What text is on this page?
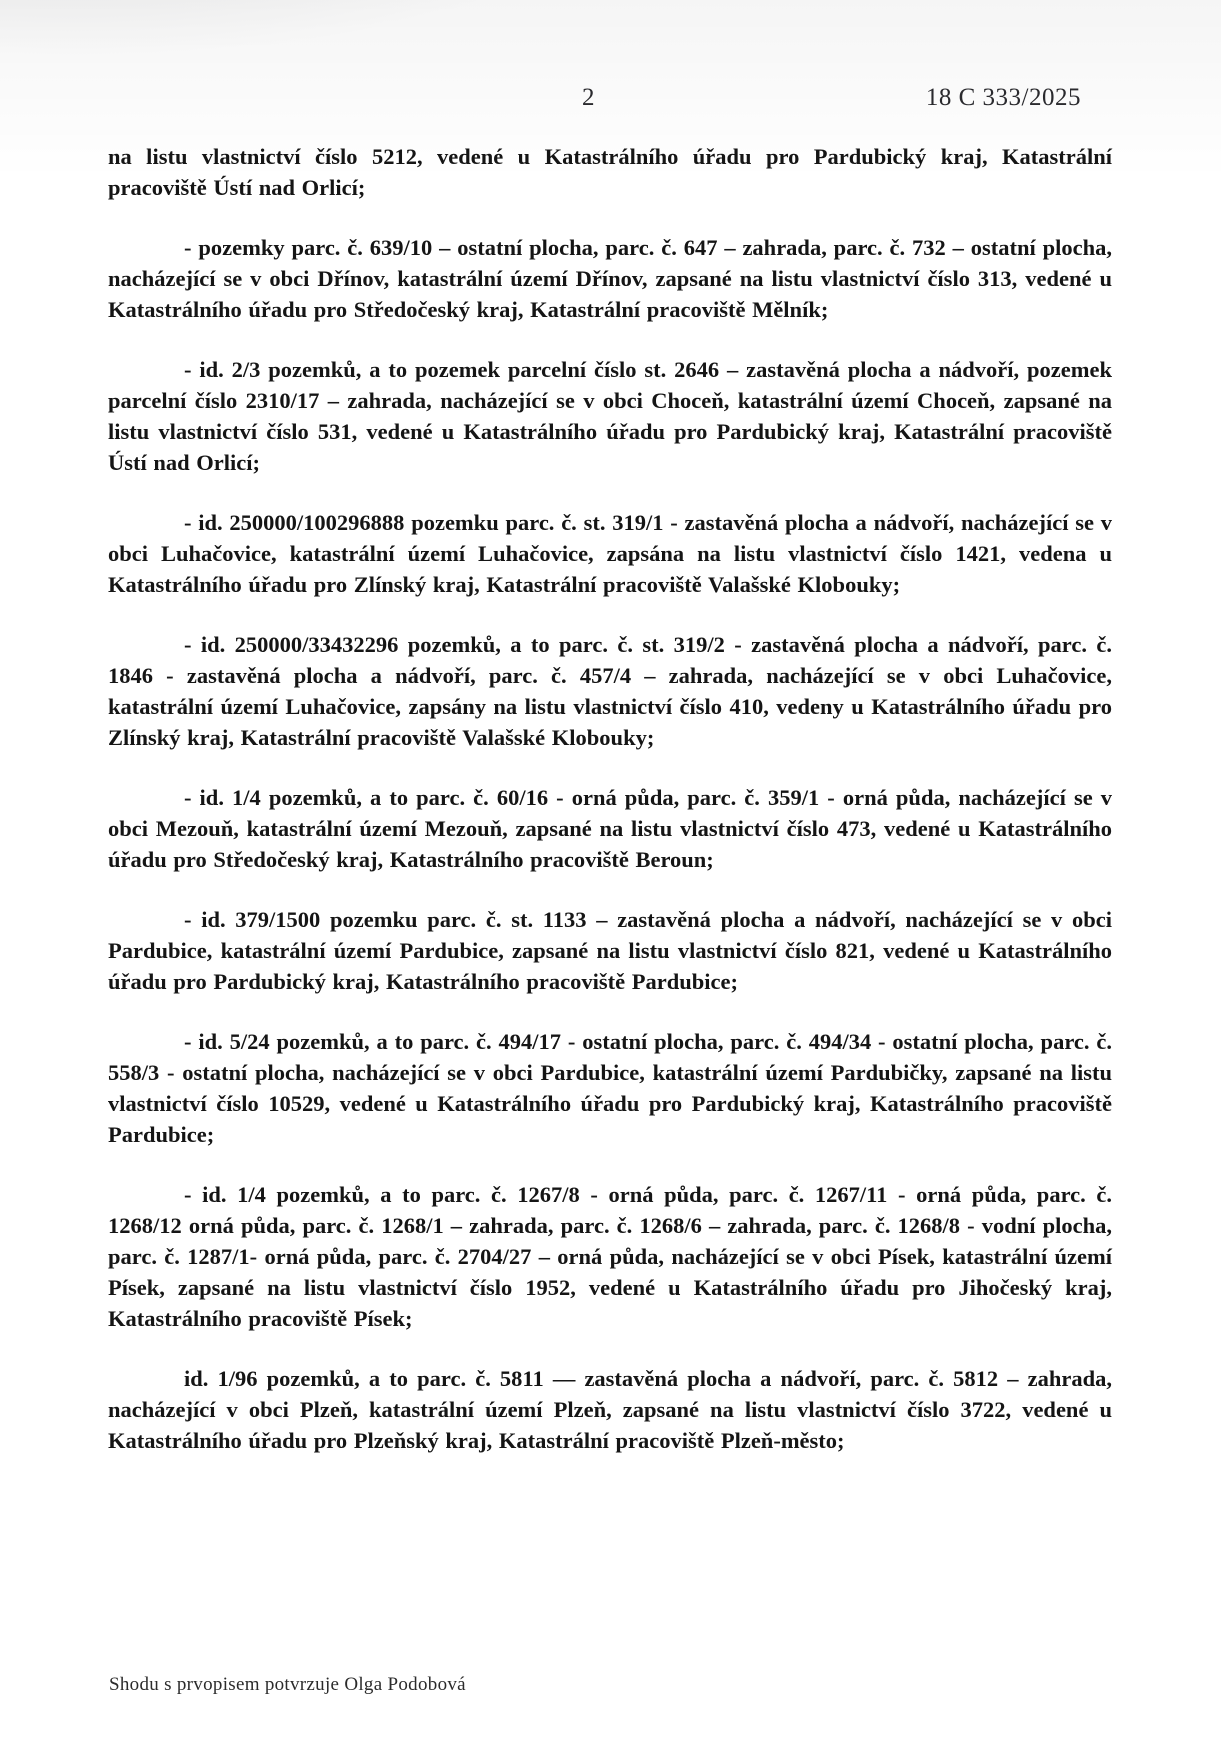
2	18 C 333/2025

na listu vlastnictví číslo 5212, vedené u Katastrálního úřadu pro Pardubický kraj, Katastrální pracoviště Ústí nad Orlicí;

- pozemky parc. č. 639/10 – ostatní plocha, parc. č. 647 – zahrada, parc. č. 732 – ostatní plocha, nacházející se v obci Dřínov, katastrální území Dřínov, zapsané na listu vlastnictví číslo 313, vedené u Katastrálního úřadu pro Středočeský kraj, Katastrální pracoviště Mělník;

- id. 2/3 pozemků, a to pozemek parcelní číslo st. 2646 – zastavěná plocha a nádvoří, pozemek parcelní číslo 2310/17 – zahrada, nacházející se v obci Choceň, katastrální území Choceň, zapsané na listu vlastnictví číslo 531, vedené u Katastrálního úřadu pro Pardubický kraj, Katastrální pracoviště Ústí nad Orlicí;

- id. 250000/100296888 pozemku parc. č. st. 319/1 - zastavěná plocha a nádvoří, nacházející se v obci Luhačovice, katastrální území Luhačovice, zapsána na listu vlastnictví číslo 1421, vedena u Katastrálního úřadu pro Zlínský kraj, Katastrální pracoviště Valašské Klobouky;

- id. 250000/33432296 pozemků, a to parc. č. st. 319/2 - zastavěná plocha a nádvoří, parc. č. 1846 - zastavěná plocha a nádvoří, parc. č. 457/4 – zahrada, nacházející se v obci Luhačovice, katastrální území Luhačovice, zapsány na listu vlastnictví číslo 410, vedeny u Katastrálního úřadu pro Zlínský kraj, Katastrální pracoviště Valašské Klobouky;

- id. 1/4 pozemků, a to parc. č. 60/16 - orná půda, parc. č. 359/1 - orná půda, nacházející se v obci Mezouň, katastrální území Mezouň, zapsané na listu vlastnictví číslo 473, vedené u Katastrálního úřadu pro Středočeský kraj, Katastrálního pracoviště Beroun;

- id. 379/1500 pozemku parc. č. st. 1133 – zastavěná plocha a nádvoří, nacházející se v obci Pardubice, katastrální území Pardubice, zapsané na listu vlastnictví číslo 821, vedené u Katastrálního úřadu pro Pardubický kraj, Katastrálního pracoviště Pardubice;

- id. 5/24 pozemků, a to parc. č. 494/17 - ostatní plocha, parc. č. 494/34 - ostatní plocha, parc. č. 558/3 - ostatní plocha, nacházející se v obci Pardubice, katastrální území Pardubičky, zapsané na listu vlastnictví číslo 10529, vedené u Katastrálního úřadu pro Pardubický kraj, Katastrálního pracoviště Pardubice;

- id. 1/4 pozemků, a to parc. č. 1267/8 - orná půda, parc. č. 1267/11 - orná půda, parc. č. 1268/12 orná půda, parc. č. 1268/1 – zahrada, parc. č. 1268/6 – zahrada, parc. č. 1268/8 - vodní plocha, parc. č. 1287/1- orná půda, parc. č. 2704/27 – orná půda, nacházející se v obci Písek, katastrální území Písek, zapsané na listu vlastnictví číslo 1952, vedené u Katastrálního úřadu pro Jihočeský kraj, Katastrálního pracoviště Písek;

id. 1/96 pozemků, a to parc. č. 5811 — zastavěná plocha a nádvoří, parc. č. 5812 – zahrada, nacházející v obci Plzeň, katastrální území Plzeň, zapsané na listu vlastnictví číslo 3722, vedené u Katastrálního úřadu pro Plzeňský kraj, Katastrální pracoviště Plzeň-město;

Shodu s prvopisem potvrzuje Olga Podobová
